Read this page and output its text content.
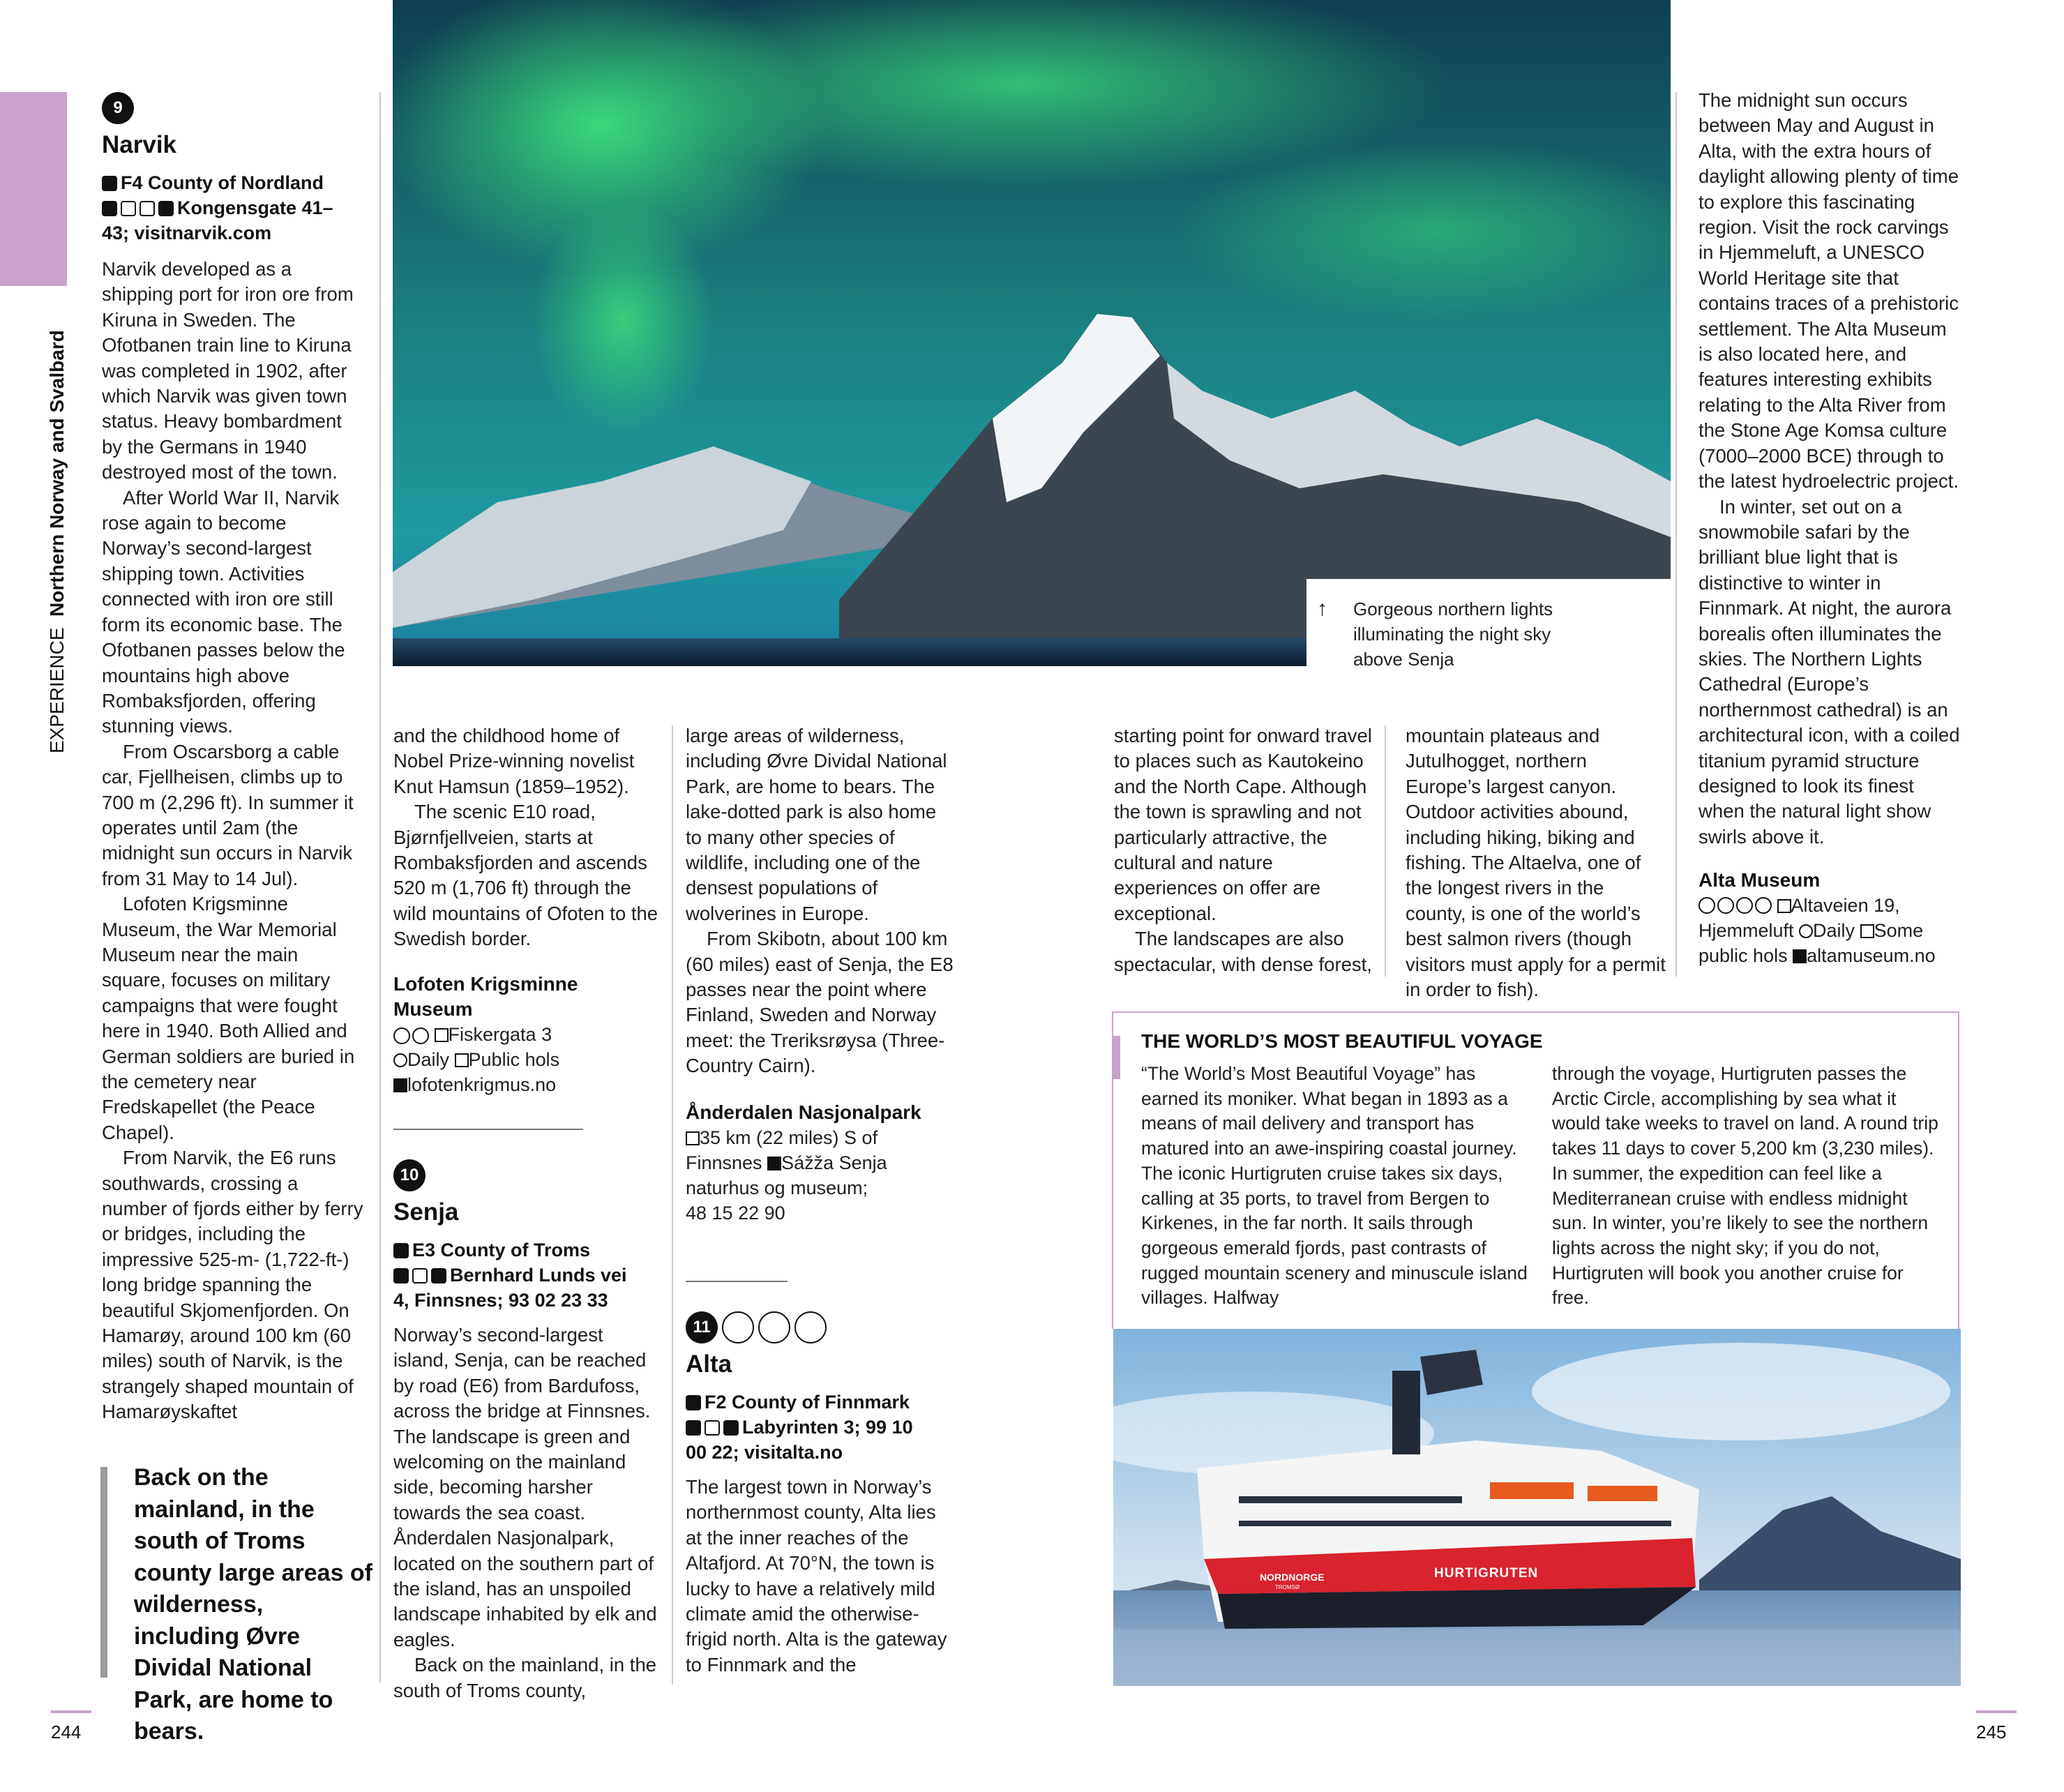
EXPERIENCE  Northern Norway and Svalbard
9
Narvik
F4 County of Nordland
Kongensgate 41–
43; visitnarvik.com

Narvik developed as a shipping port for iron ore from Kiruna in Sweden. The Ofotbanen train line to Kiruna was completed in 1902, after which Narvik was given town status. Heavy bombardment by the Germans in 1940 destroyed most of the town.

After World War II, Narvik rose again to become Norway’s second-largest shipping town. Activities connected with iron ore still form its economic base. The Ofotbanen passes below the mountains high above Rombaksfjorden, offering stunning views.

From Oscarsborg a cable car, Fjellheisen, climbs up to 700 m (2,296 ft). In summer it operates until 2am (the midnight sun occurs in Narvik from 31 May to 14 Jul).

Lofoten Krigsminne Museum, the War Memorial Museum near the main square, focuses on military campaigns that were fought here in 1940. Both Allied and German soldiers are buried in the cemetery near Fredskapellet (the Peace Chapel).

From Narvik, the E6 runs southwards, crossing a number of fjords either by ferry or bridges, including the impressive 525-m- (1,722-ft-) long bridge spanning the beautiful Skjomenfjorden. On Hamarøy, around 100 km (60 miles) south of Narvik, is the strangely shaped mountain of Hamarøyskaftet

Back on the mainland, in the south of Troms county large areas of wilderness, including Øvre Dividal National Park, are home to bears.
↑ Gorgeous northern lights illuminating the night sky above Senja

and the childhood home of Nobel Prize-winning novelist Knut Hamsun (1859–1952).

The scenic E10 road, Bjørnfjellveien, starts at Rombaksfjorden and ascends 520 m (1,706 ft) through the wild mountains of Ofoten to the Swedish border.

Lofoten Krigsminne Museum
Fiskergata 3
Daily Public hols
lofotenkrigmus.no
10
Senja
E3 County of Troms
Bernhard Lunds vei
4, Finnsnes; 93 02 23 33

Norway’s second-largest island, Senja, can be reached by road (E6) from Bardufoss, across the bridge at Finnsnes. The landscape is green and welcoming on the mainland side, becoming harsher towards the sea coast. Ånderdalen Nasjonalpark, located on the southern part of the island, has an unspoiled landscape inhabited by elk and eagles.

Back on the mainland, in the south of Troms county,

large areas of wilderness, including Øvre Dividal National Park, are home to bears. The lake-dotted park is also home to many other species of wildlife, including one of the densest populations of wolverines in Europe.

From Skibotn, about 100 km (60 miles) east of Senja, the E8 passes near the point where Finland, Sweden and Norway meet: the Treriksrøysa (Three-Country Cairn).

Ånderdalen Nasjonalpark
35 km (22 miles) S of
Finnsnes Sážža Senja
naturhus og museum;
48 15 22 90
11
Alta
F2 County of Finnmark
Labyrinten 3; 99 10
00 22; visitalta.no
The largest town in Norway’s northernmost county, Alta lies at the inner reaches of the Altafjord. At 70°N, the town is lucky to have a relatively mild climate amid the otherwise-frigid north. Alta is the gateway to Finnmark and the

starting point for onward travel to places such as Kautokeino and the North Cape. Although the town is sprawling and not particularly attractive, the cultural and nature experiences on offer are exceptional.

The landscapes are also spectacular, with dense forest,

mountain plateaus and Jutulhogget, northern Europe’s largest canyon. Outdoor activities abound, including hiking, biking and fishing. The Altaelva, one of the longest rivers in the county, is one of the world’s best salmon rivers (though visitors must apply for a permit in order to fish).

The midnight sun occurs between May and August in Alta, with the extra hours of daylight allowing plenty of time to explore this fascinating region. Visit the rock carvings in Hjemmeluft, a UNESCO World Heritage site that contains traces of a prehistoric settlement. The Alta Museum is also located here, and features interesting exhibits relating to the Alta River from the Stone Age Komsa culture (7000–2000 BCE) through to the latest hydroelectric project.

In winter, set out on a snowmobile safari by the brilliant blue light that is distinctive to winter in Finnmark. At night, the aurora borealis often illuminates the skies. The Northern Lights Cathedral (Europe’s northernmost cathedral) is an architectural icon, with a coiled titanium pyramid structure designed to look its finest when the natural light show swirls above it.

Alta Museum
Altaveien 19,
Hjemmeluft Daily Some
public hols altamuseum.no
THE WORLD’S MOST BEAUTIFUL VOYAGE
“The World’s Most Beautiful Voyage” has earned its moniker. What began in 1893 as a means of mail delivery and transport has matured into an awe-inspiring coastal journey. The iconic Hurtigruten cruise takes six days, calling at 35 ports, to travel from Bergen to Kirkenes, in the far north. It sails through gorgeous emerald fjords, past contrasts of rugged mountain scenery and minuscule island villages. Halfway
through the voyage, Hurtigruten passes the Arctic Circle, accomplishing by sea what it would take weeks to travel on land. A round trip takes 11 days to cover 5,200 km (3,230 miles). In summer, the expedition can feel like a Mediterranean cruise with endless midnight sun. In winter, you’re likely to see the northern lights across the night sky; if you do not, Hurtigruten will book you another cruise for free.
NORDNORGE
TROMSØ
HURTIGRUTEN
244	245
